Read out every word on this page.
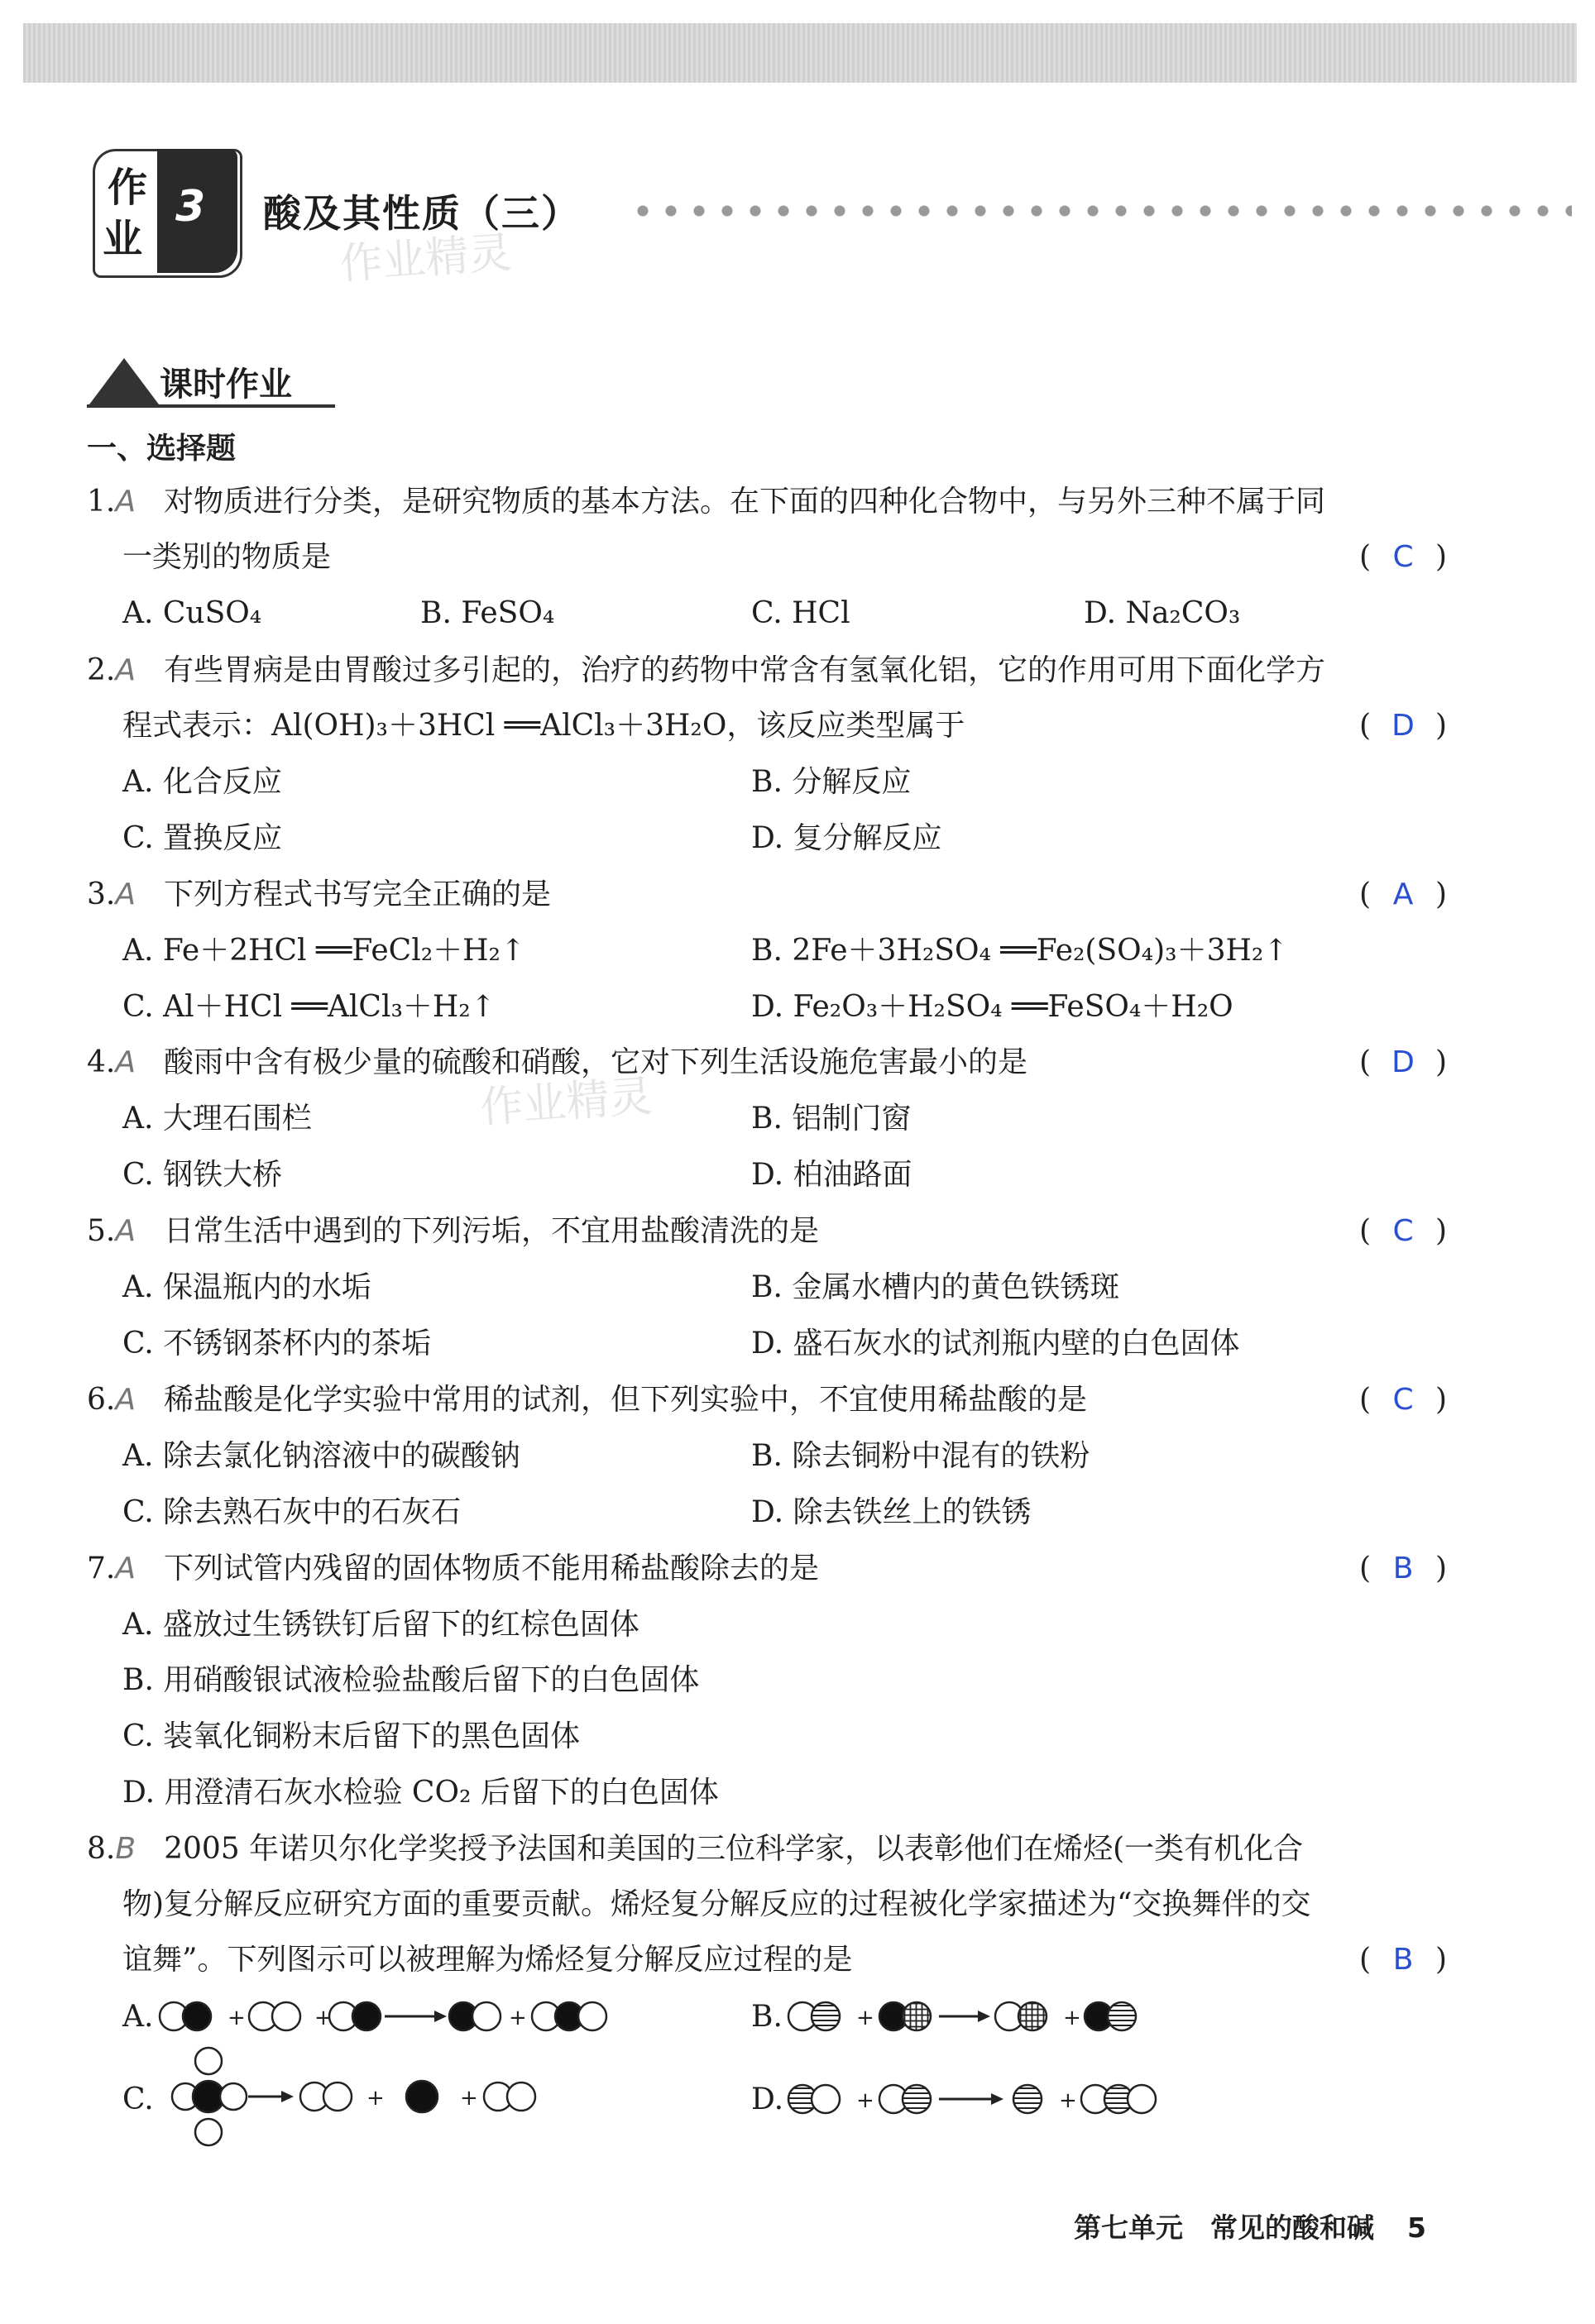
作
业
3 酸及其性质（三）
作业精灵
课时作业
一、选择题
作业精灵
1.A 对物质进行分类，是研究物质的基本方法。在下面的四种化合物中，与另外三种不属于同
一类别的物质是	( C )
A. CuSO₄	B. FeSO₄	C. HCl	D. Na₂CO₃
2.A 有些胃病是由胃酸过多引起的，治疗的药物中常含有氢氧化铝，它的作用可用下面化学方
程式表示：Al(OH)₃＋3HCl ══AlCl₃＋3H₂O，该反应类型属于	( D )
A. 化合反应	B. 分解反应
C. 置换反应	D. 复分解反应
3.A 下列方程式书写完全正确的是	( A )
A. Fe＋2HCl ══FeCl₂＋H₂↑	B. 2Fe＋3H₂SO₄ ══Fe₂(SO₄)₃＋3H₂↑
C. Al＋HCl ══AlCl₃＋H₂↑	D. Fe₂O₃＋H₂SO₄ ══FeSO₄＋H₂O
4.A 酸雨中含有极少量的硫酸和硝酸，它对下列生活设施危害最小的是	( D )
A. 大理石围栏	B. 铝制门窗
C. 钢铁大桥	D. 柏油路面
5.A 日常生活中遇到的下列污垢，不宜用盐酸清洗的是	( C )
A. 保温瓶内的水垢	B. 金属水槽内的黄色铁锈斑
C. 不锈钢茶杯内的茶垢	D. 盛石灰水的试剂瓶内壁的白色固体
6.A 稀盐酸是化学实验中常用的试剂，但下列实验中，不宜使用稀盐酸的是	( C )
A. 除去氯化钠溶液中的碳酸钠	B. 除去铜粉中混有的铁粉
C. 除去熟石灰中的石灰石	D. 除去铁丝上的铁锈
7.A 下列试管内残留的固体物质不能用稀盐酸除去的是	( B )
A. 盛放过生锈铁钉后留下的红棕色固体
B. 用硝酸银试液检验盐酸后留下的白色固体
C. 装氧化铜粉末后留下的黑色固体
D. 用澄清石灰水检验 CO₂ 后留下的白色固体
8.B 2005 年诺贝尔化学奖授予法国和美国的三位科学家，以表彰他们在烯烃(一类有机化合
物)复分解反应研究方面的重要贡献。烯烃复分解反应的过程被化学家描述为“交换舞伴的交
谊舞”。下列图示可以被理解为烯烃复分解反应过程的是	( B )
A.	B.
C.	D.
+	+	+	+	+
+	+	+	+
第七单元　常见的酸和碱 5
